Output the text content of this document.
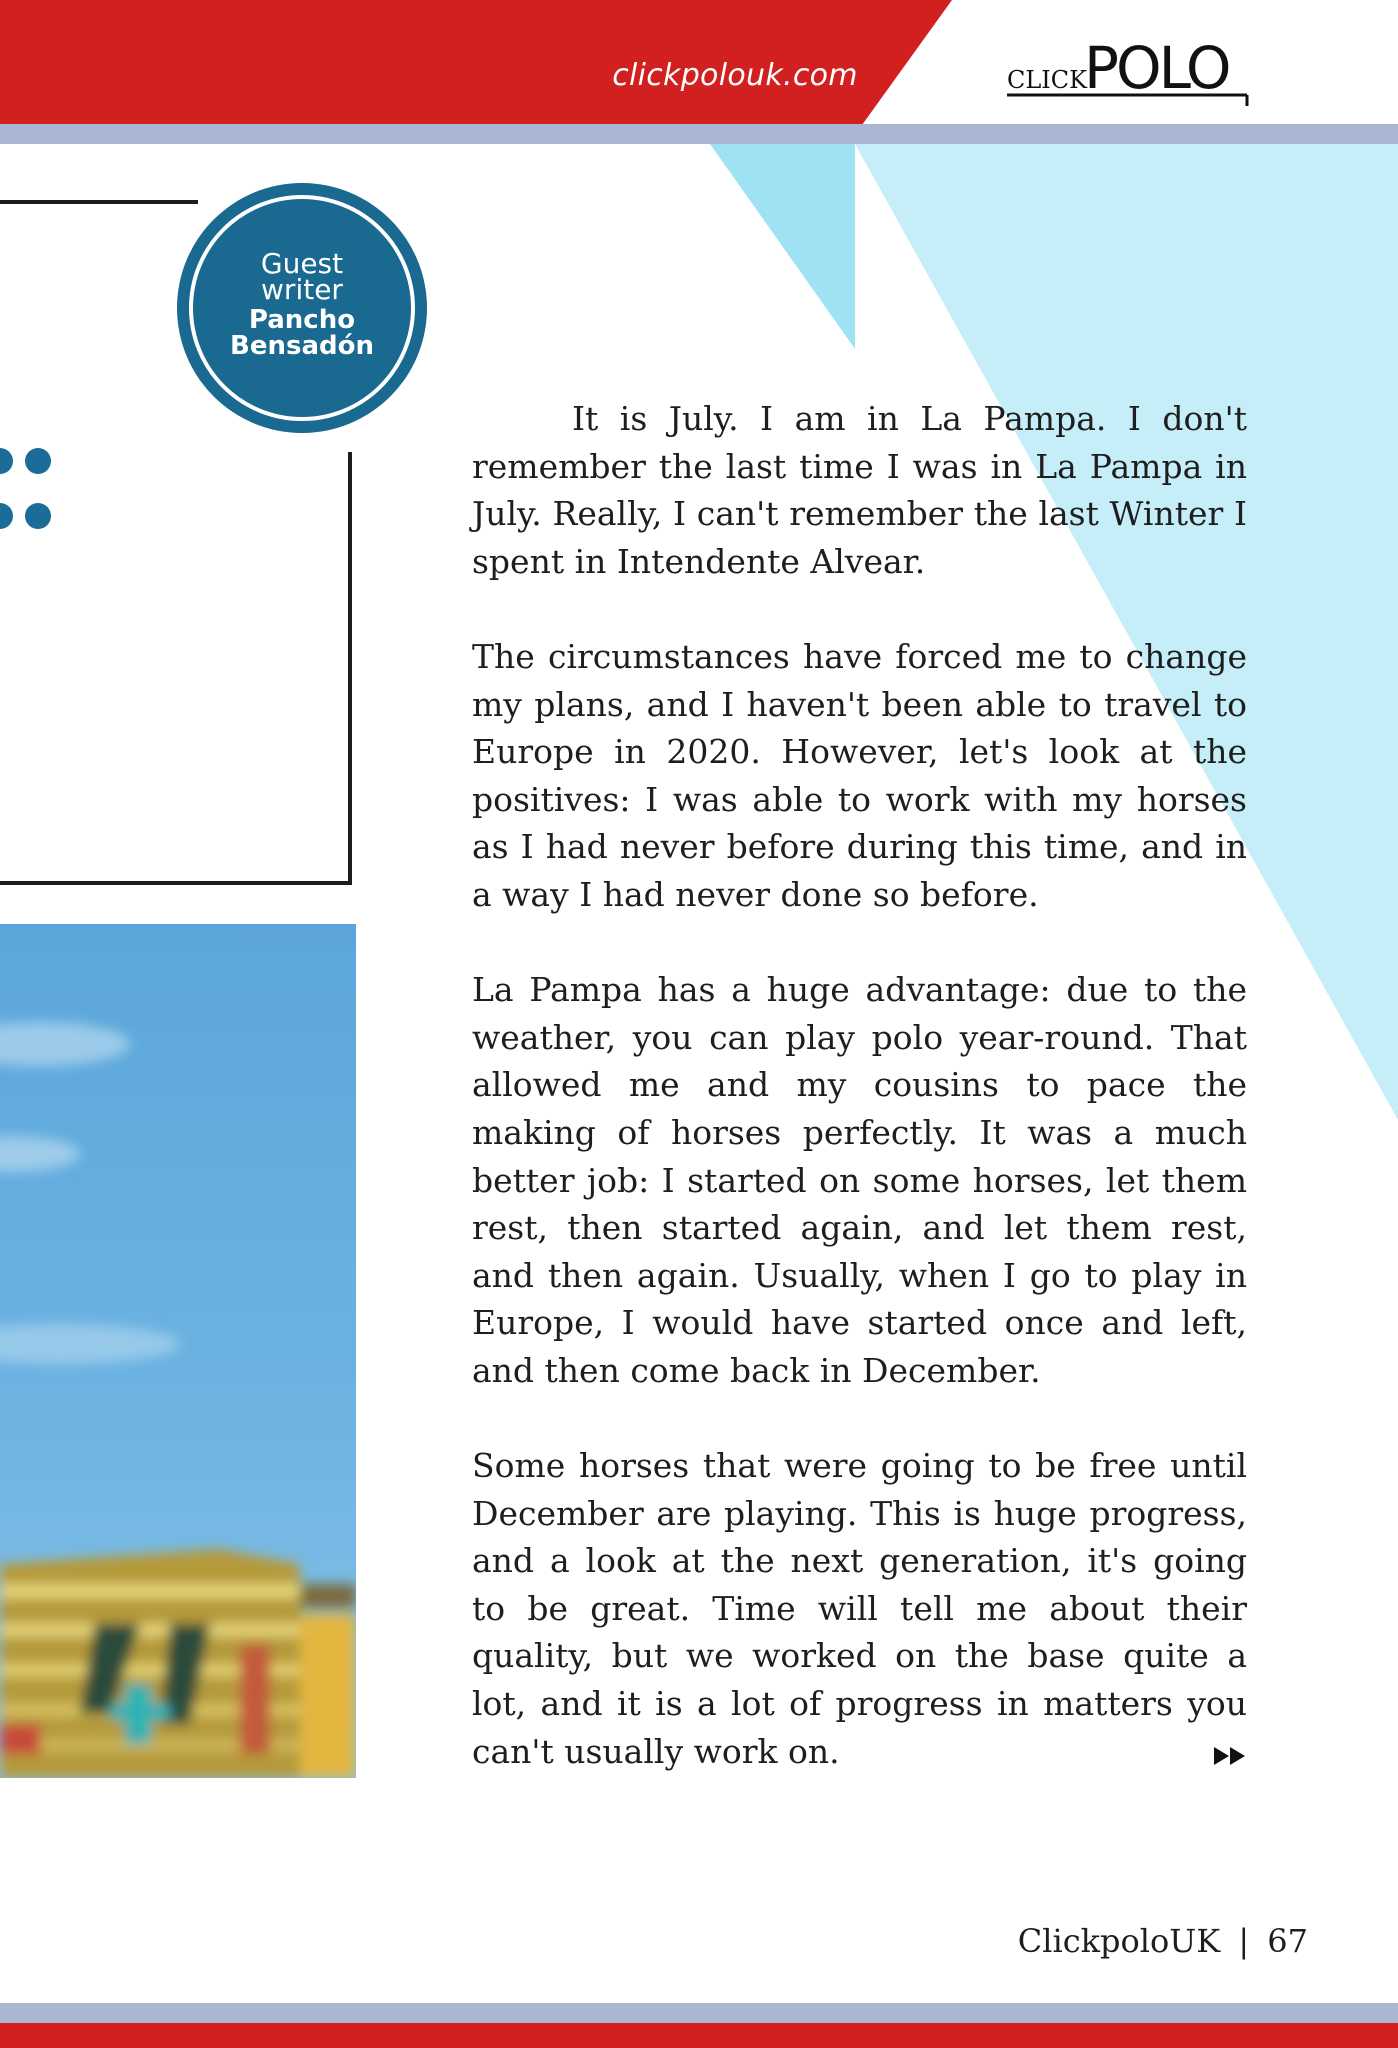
clickpolouk.com	CLICK
POLO
Guest
writer
Pancho
Bensadón

It is July. I am in La Pampa. I don't remember the last time I was in La Pampa in July. Really, I can't remember the last Winter I spent in Intendente Alvear.

The circumstances have forced me to change my plans, and I haven't been able to travel to Europe in 2020. However, let's look at the positives: I was able to work with my horses as I had never before during this time, and in a way I had never done so before.

La Pampa has a huge advantage: due to the weather, you can play polo year-round. That allowed me and my cousins to pace the making of horses perfectly. It was a much better job: I started on some horses, let them rest, then started again, and let them rest, and then again. Usually, when I go to play in Europe, I would have started once and left, and then come back in December.

Some horses that were going to be free until December are playing. This is huge progress, and a look at the next generation, it's going to be great. Time will tell me about their quality, but we worked on the base quite a lot, and it is a lot of progress in matters you can't usually work on.

ClickpoloUK | 67
